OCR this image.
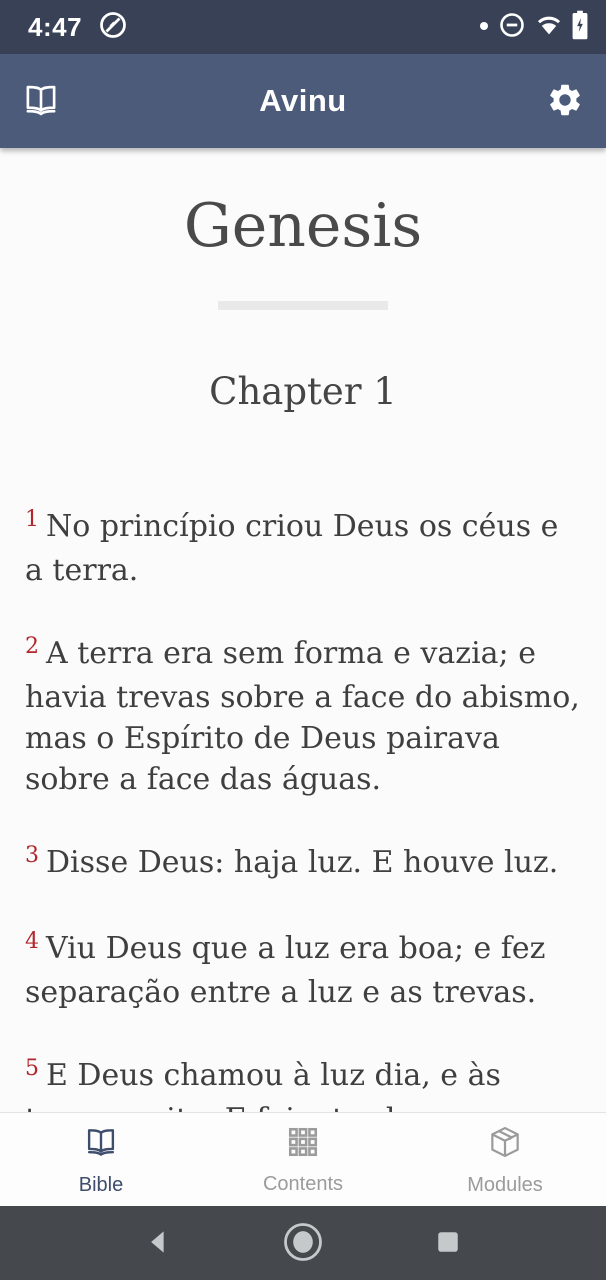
4:47
Avinu
Genesis
Chapter 1

$^1$ No princípio criou Deus os céus e a terra.

$^2$ A terra era sem forma e vazia; e havia trevas sobre a face do abismo, mas o Espírito de Deus pairava sobre a face das águas.

$^3$ Disse Deus: haja luz. E houve luz.

$^4$ Viu Deus que a luz era boa; e fez separação entre a luz e as trevas.

$^5$ E Deus chamou à luz dia, e às

Bible	Contents	Modules
